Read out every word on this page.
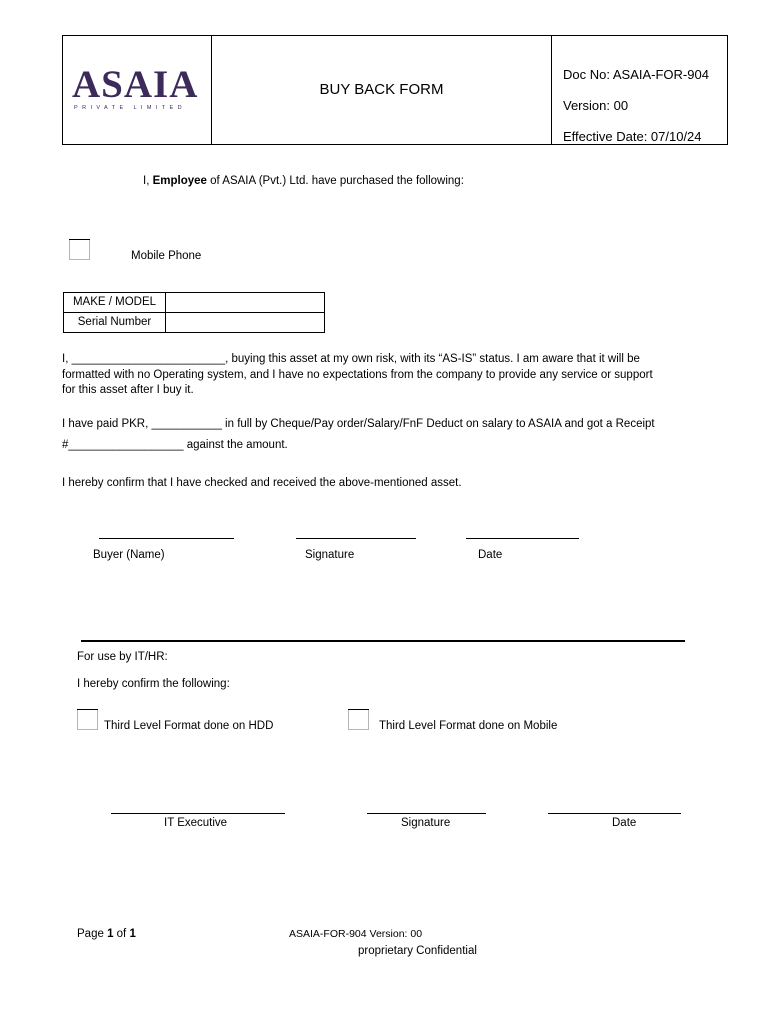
ASAIA
PRIVATE LIMITED
BUY BACK FORM
Doc No: ASAIA-FOR-904
Version: 00
Effective Date: 07/10/24
I, Employee of ASAIA (Pvt.) Ltd. have purchased the following:
Mobile Phone
MAKE / MODEL	
Serial Number	
I, ________________________, buying this asset at my own risk, with its “AS-IS” status. I am aware that it will be
formatted with no Operating system, and I have no expectations from the company to provide any service or support
for this asset after I buy it.
I have paid PKR, ___________ in full by Cheque/Pay order/Salary/FnF Deduct on salary to ASAIA and got a Receipt
#__________________ against the amount.
I hereby confirm that I have checked and received the above-mentioned asset.
Buyer (Name)	Signature	Date
For use by IT/HR:
I hereby confirm the following:
Third Level Format done on HDD	Third Level Format done on Mobile
IT Executive	Signature	Date
Page 1 of 1	ASAIA-FOR-904 Version: 00
proprietary Confidential
